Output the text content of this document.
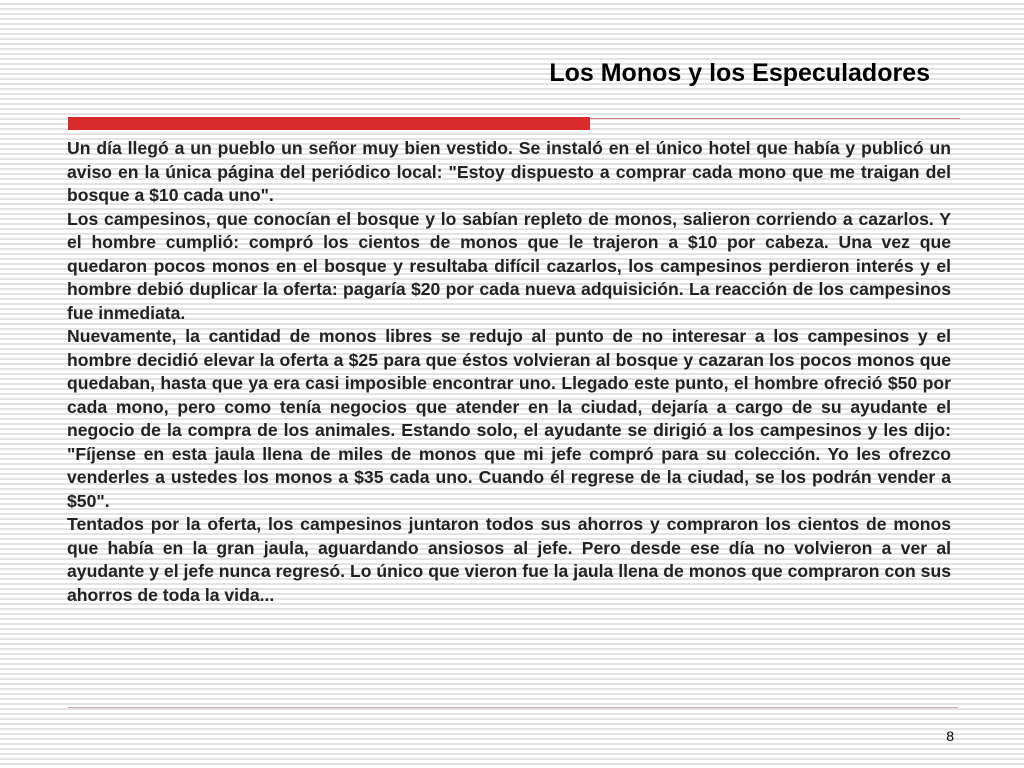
Los Monos y los Especuladores

Un día llegó a un pueblo un señor muy bien vestido. Se instaló en el único hotel que había y publicó un aviso en la única página del periódico local: "Estoy dispuesto a comprar cada mono que me traigan del bosque a $10 cada uno".

Los campesinos, que conocían el bosque y lo sabían repleto de monos, salieron corriendo a cazarlos. Y el hombre cumplió: compró los cientos de monos que le trajeron a $10 por cabeza. Una vez que quedaron pocos monos en el bosque y resultaba difícil cazarlos, los campesinos perdieron interés y el hombre debió duplicar la oferta: pagaría $20 por cada nueva adquisición. La reacción de los campesinos fue inmediata.

Nuevamente, la cantidad de monos libres se redujo al punto de no interesar a los campesinos y el hombre decidió elevar la oferta a $25 para que éstos volvieran al bosque y cazaran los pocos monos que quedaban, hasta que ya era casi imposible encontrar uno. Llegado este punto, el hombre ofreció $50 por cada mono, pero como tenía negocios que atender en la ciudad, dejaría a cargo de su ayudante el negocio de la compra de los animales. Estando solo, el ayudante se dirigió a los campesinos y les dijo: "Fíjense en esta jaula llena de miles de monos que mi jefe compró para su colección. Yo les ofrezco venderles a ustedes los monos a $35 cada uno. Cuando él regrese de la ciudad, se los podrán vender a $50".

Tentados por la oferta, los campesinos juntaron todos sus ahorros y compraron los cientos de monos que había en la gran jaula, aguardando ansiosos al jefe. Pero desde ese día no volvieron a ver al ayudante y el jefe nunca regresó. Lo único que vieron fue la jaula llena de monos que compraron con sus ahorros de toda la vida...

8
